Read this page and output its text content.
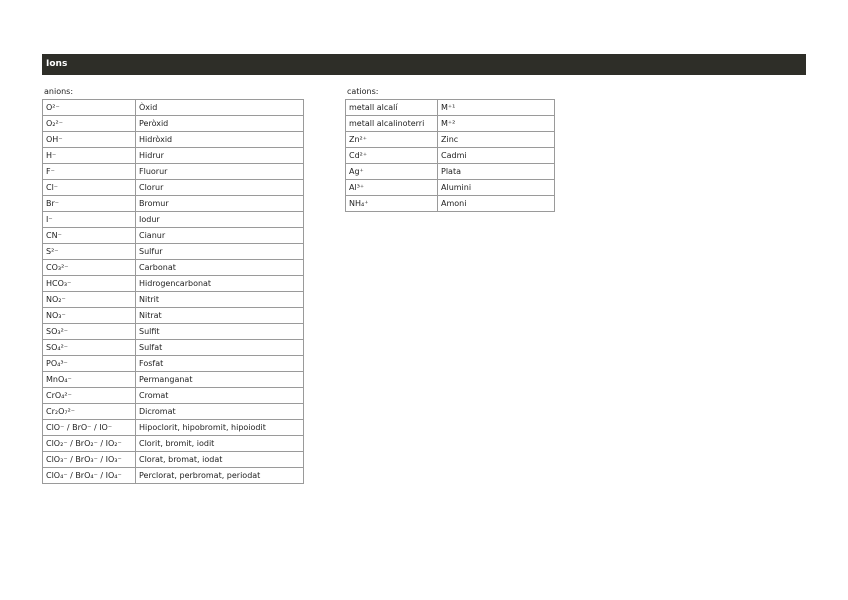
Ions
anions:	cations:
O²⁻	Òxid
O₂²⁻	Peròxid
OH⁻	Hidròxid
H⁻	Hidrur
F⁻	Fluorur
Cl⁻	Clorur
Br⁻	Bromur
I⁻	Iodur
CN⁻	Cianur
S²⁻	Sulfur
CO₃²⁻	Carbonat
HCO₃⁻	Hidrogencarbonat
NO₂⁻	Nitrit
NO₃⁻	Nitrat
SO₃²⁻	Sulfit
SO₄²⁻	Sulfat
PO₄³⁻	Fosfat
MnO₄⁻	Permanganat
CrO₄²⁻	Cromat
Cr₂O₇²⁻	Dicromat
ClO⁻ / BrO⁻ / IO⁻	Hipoclorit, hipobromit, hipoiodit
ClO₂⁻ / BrO₂⁻ / IO₂⁻	Clorit, bromit, iodit
ClO₃⁻ / BrO₃⁻ / IO₃⁻	Clorat, bromat, iodat
ClO₄⁻ / BrO₄⁻ / IO₄⁻	Perclorat, perbromat, periodat
metall alcalí	M⁺¹
metall alcalinoterri	M⁺²
Zn²⁺	Zinc
Cd²⁺	Cadmi
Ag⁺	Plata
Al³⁺	Alumini
NH₄⁺	Amoni
